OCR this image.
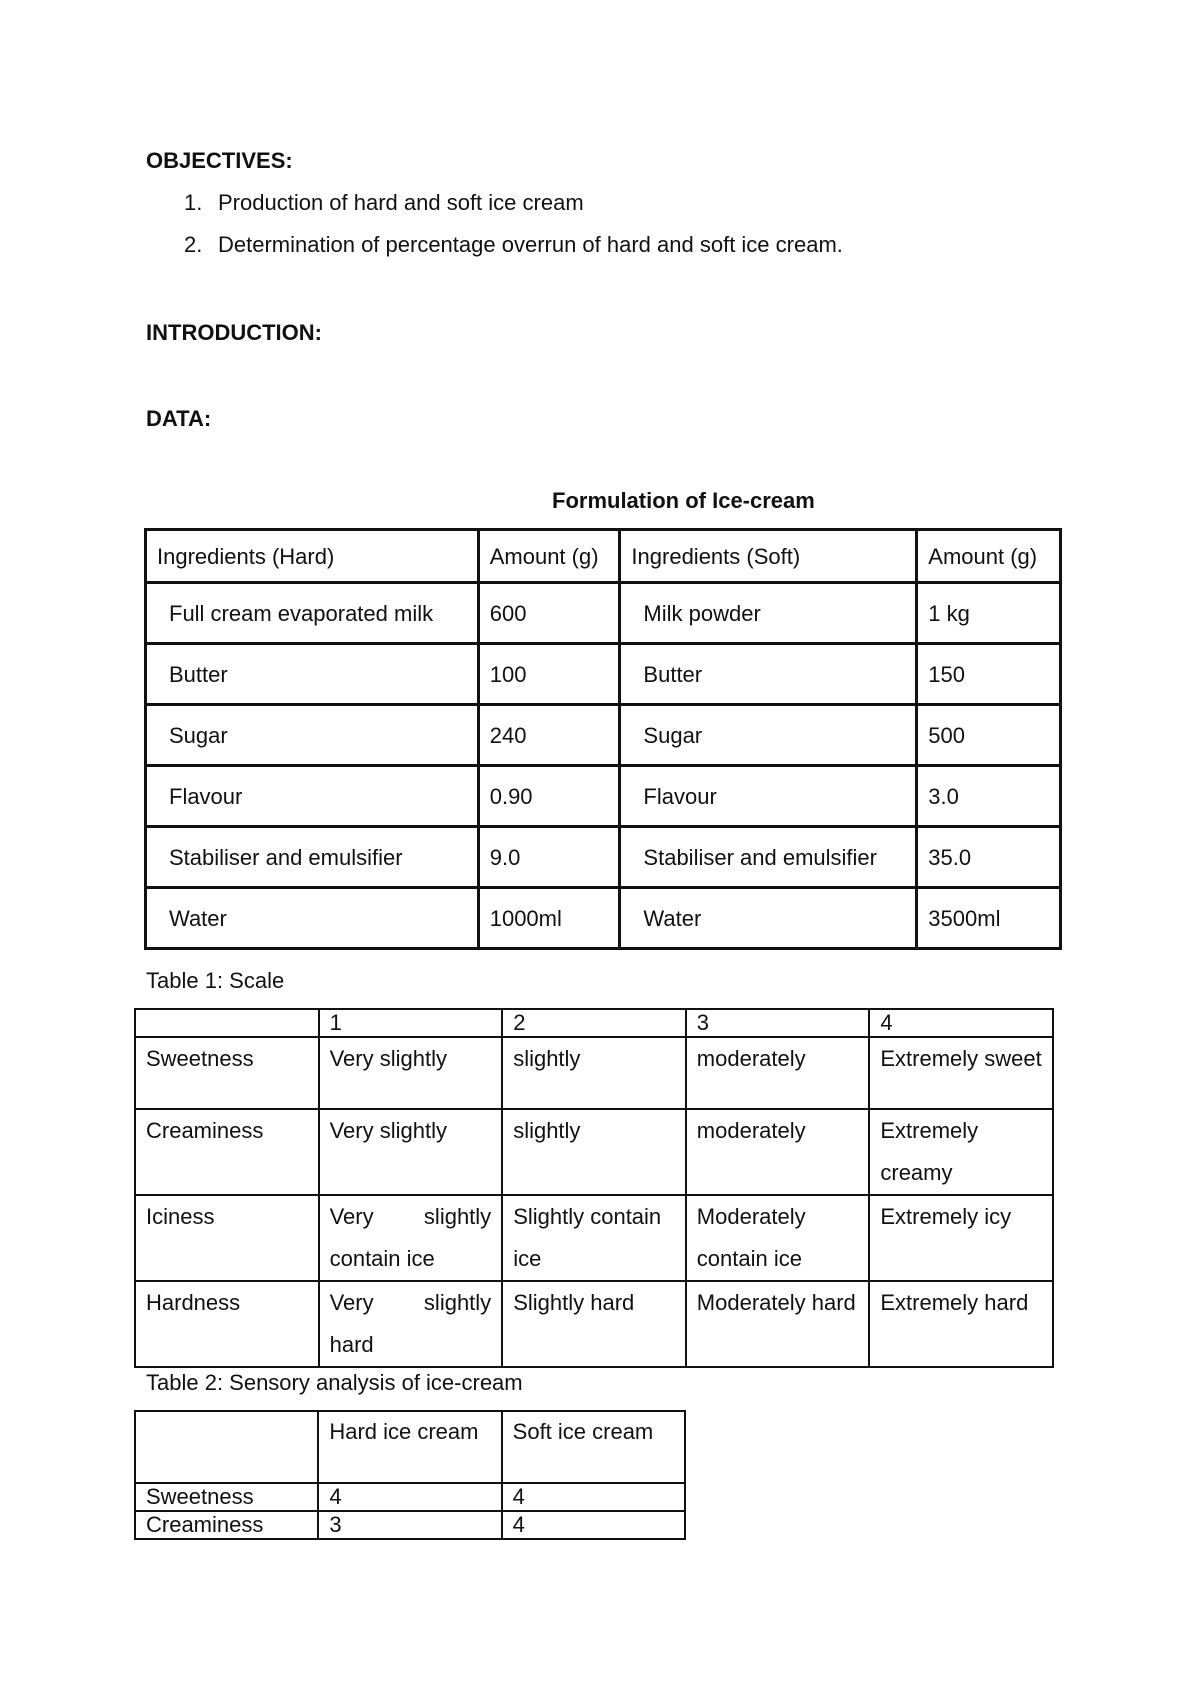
OBJECTIVES:
1. Production of hard and soft ice cream
2. Determination of percentage overrun of hard and soft ice cream.
INTRODUCTION:
DATA:
Formulation of Ice-cream
Ingredients (Hard)	Amount (g)	Ingredients (Soft)	Amount (g)
Full cream evaporated milk	600	Milk powder	1 kg
Butter	100	Butter	150
Sugar	240	Sugar	500
Flavour	0.90	Flavour	3.0
Stabiliser and emulsifier	9.0	Stabiliser and emulsifier	35.0
Water	1000ml	Water	3500ml
Table 1: Scale
	1	2	3	4
Sweetness	Very slightly	slightly	moderately	Extremely sweet
Creaminess	Very slightly	slightly	moderately	Extremely creamy
Iciness	Very slightly contain ice	Slightly contain ice	Moderately contain ice	Extremely icy
Hardness	Very slightly hard	Slightly hard	Moderately hard	Extremely hard
Table 2: Sensory analysis of ice-cream
	Hard ice cream	Soft ice cream
Sweetness	4	4
Creaminess	3	4
